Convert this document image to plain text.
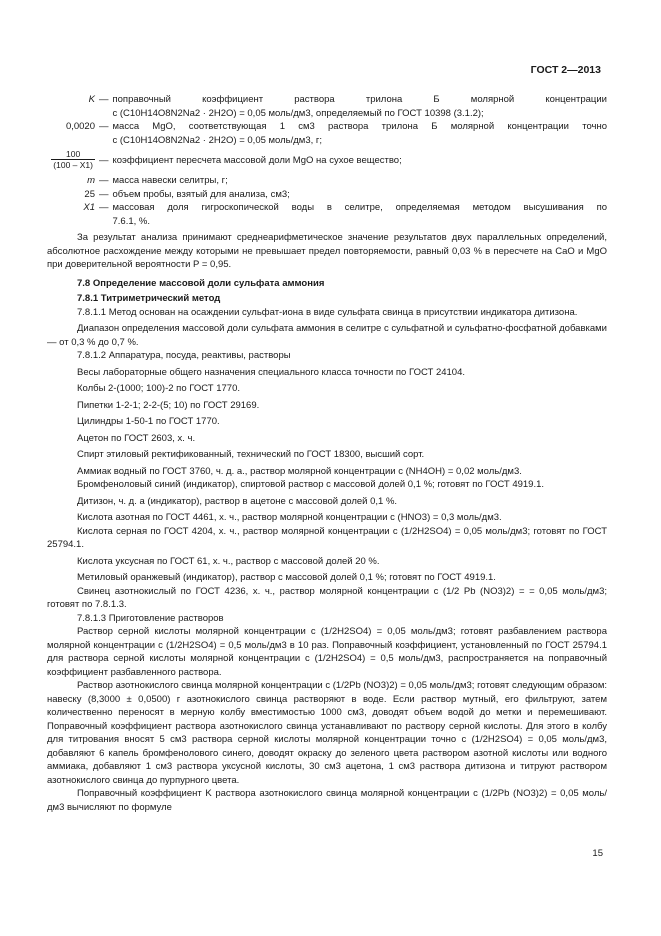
ГОСТ 2—2013
K — поправочный коэффициент раствора трилона Б молярной концентрации
c (C10H14O8N2Na2 · 2H2O) = 0,05 моль/дм3, определяемый по ГОСТ 10398 (3.1.2);
0,0020 — масса MgO, соответствующая 1 см3 раствора трилона Б молярной концентрации точно
c (C10H14O8N2Na2 · 2H2O) = 0,05 моль/дм3, г;
$\frac{100}{(100 - X1)}$ — коэффициент пересчета массовой доли MgO на сухое вещество;
m — масса навески селитры, г;
25 — объем пробы, взятый для анализа, см3;
X1 — массовая доля гигроскопической воды в селитре, определяемая методом высушивания по
7.6.1, %.

За результат анализа принимают среднеарифметическое значение результатов двух параллельных определений, абсолютное расхождение между которыми не превышает предел повторяемости, равный 0,03 % в пересчете на CaO и MgO при доверительной вероятности P = 0,95.

7.8 Определение массовой доли сульфата аммония

7.8.1 Титриметрический метод

7.8.1.1 Метод основан на осаждении сульфат-иона в виде сульфата свинца в присутствии индикатора дитизона.

Диапазон определения массовой доли сульфата аммония в селитре с сульфатной и сульфатно-фосфатной добавками — от 0,3 % до 0,7 %.

7.8.1.2 Аппаратура, посуда, реактивы, растворы

Весы лабораторные общего назначения специального класса точности по ГОСТ 24104.

Колбы 2-(1000; 100)-2 по ГОСТ 1770.

Пипетки 1-2-1; 2-2-(5; 10) по ГОСТ 29169.

Цилиндры 1-50-1 по ГОСТ 1770.

Ацетон по ГОСТ 2603, х. ч.

Спирт этиловый ректификованный, технический по ГОСТ 18300, высший сорт.

Аммиак водный по ГОСТ 3760, ч. д. а., раствор молярной концентрации c (NH4OH) = 0,02 моль/дм3.

Бромфеноловый синий (индикатор), спиртовой раствор с массовой долей 0,1 %; готовят по ГОСТ 4919.1.

Дитизон, ч. д. а (индикатор), раствор в ацетоне с массовой долей 0,1 %.

Кислота азотная по ГОСТ 4461, х. ч., раствор молярной концентрации c (HNO3) = 0,3 моль/дм3.

Кислота серная по ГОСТ 4204, х. ч., раствор молярной концентрации c (1/2H2SO4) = 0,05 моль/дм3; готовят по ГОСТ 25794.1.

Кислота уксусная по ГОСТ 61, х. ч., раствор с массовой долей 20 %.

Метиловый оранжевый (индикатор), раствор с массовой долей 0,1 %; готовят по ГОСТ 4919.1.

Свинец азотнокислый по ГОСТ 4236, х. ч., раствор молярной концентрации c (1/2 Pb (NO3)2) = = 0,05 моль/дм3; готовят по 7.8.1.3.

7.8.1.3 Приготовление растворов

Раствор серной кислоты молярной концентрации c (1/2H2SO4) = 0,05 моль/дм3; готовят разбавлением раствора молярной концентрации c (1/2H2SO4) = 0,5 моль/дм3 в 10 раз. Поправочный коэффициент, установленный по ГОСТ 25794.1 для раствора серной кислоты молярной концентрации c (1/2H2SO4) = 0,5 моль/дм3, распространяется на поправочный коэффициент разбавленного раствора.

Раствор азотнокислого свинца молярной концентрации c (1/2Pb (NO3)2) = 0,05 моль/дм3; готовят следующим образом: навеску (8,3000 ± 0,0500) г азотнокислого свинца растворяют в воде. Если раствор мутный, его фильтруют, затем количественно переносят в мерную колбу вместимостью 1000 см3, доводят объем водой до метки и перемешивают. Поправочный коэффициент раствора азотнокислого свинца устанавливают по раствору серной кислоты. Для этого в колбу для титрования вносят 5 см3 раствора серной кислоты молярной концентрации точно c (1/2H2SO4) = 0,05 моль/дм3, добавляют 6 капель бромфенолового синего, доводят окраску до зеленого цвета раствором азотной кислоты или водного аммиака, добавляют 1 см3 раствора уксусной кислоты, 30 см3 ацетона, 1 см3 раствора дитизона и титруют раствором азотнокислого свинца до пурпурного цвета.

Поправочный коэффициент K раствора азотнокислого свинца молярной концентрации c (1/2Pb (NO3)2) = 0,05 моль/дм3 вычисляют по формуле

15
